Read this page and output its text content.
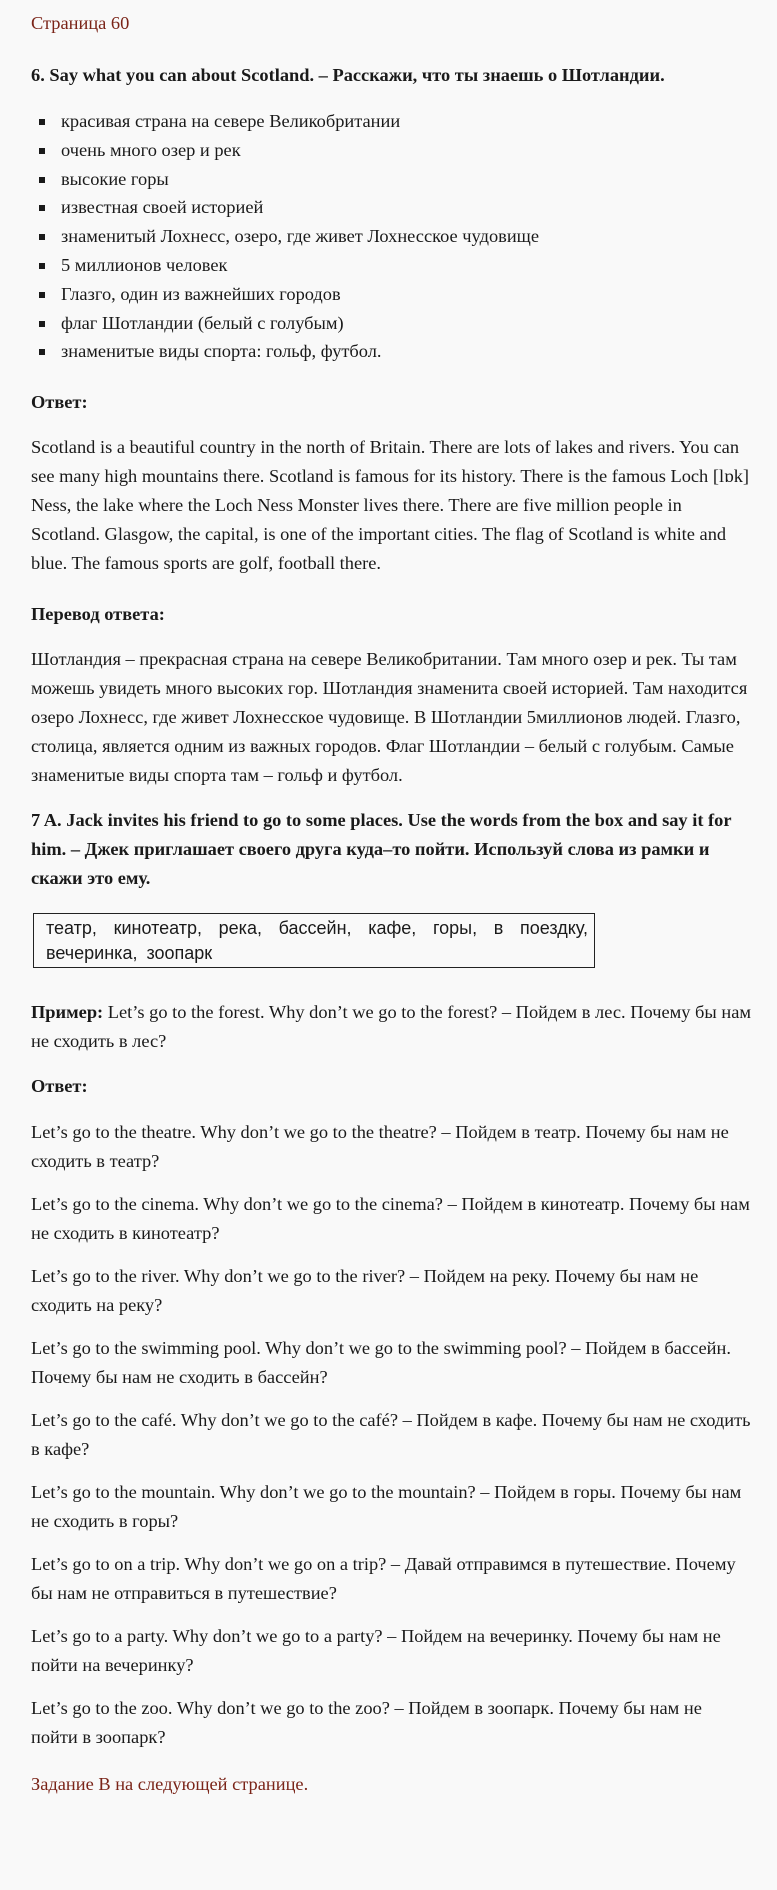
Страница 60
6. Say what you can about Scotland. – Расскажи, что ты знаешь о Шотландии.
красивая страна на севере Великобритании
очень много озер и рек
высокие горы
известная своей историей
знаменитый Лохнесс, озеро, где живет Лохнесское чудовище
5 миллионов человек
Глазго, один из важнейших городов
флаг Шотландии (белый с голубым)
знаменитые виды спорта: гольф, футбол.
Ответ:
Scotland is a beautiful country in the north of Britain. There are lots of lakes and rivers. You can see many high mountains there. Scotland is famous for its history. There is the famous Loch [lɒk] Ness, the lake where the Loch Ness Monster lives there. There are five million people in Scotland. Glasgow, the capital, is one of the important cities. The flag of Scotland is white and blue. The famous sports are golf, football there.
Перевод ответа:
Шотландия – прекрасная страна на севере Великобритании. Там много озер и рек. Ты там можешь увидеть много высоких гор. Шотландия знаменита своей историей. Там находится озеро Лохнесс, где живет Лохнесское чудовище. В Шотландии 5миллионов людей. Глазго, столица, является одним из важных городов. Флаг Шотландии – белый с голубым. Самые знаменитые виды спорта там – гольф и футбол.
7 A. Jack invites his friend to go to some places. Use the words from the box and say it for him. – Джек приглашает своего друга куда–то пойти. Используй слова из рамки и скажи это ему.
театр, кинотеатр, река, бассейн, кафе, горы, в поездку, вечеринка, зоопарк
Пример: Let’s go to the forest. Why don’t we go to the forest? – Пойдем в лес. Почему бы нам не сходить в лес?
Ответ:
Let’s go to the theatre. Why don’t we go to the theatre? – Пойдем в театр. Почему бы нам не сходить в театр?
Let’s go to the cinema. Why don’t we go to the cinema? – Пойдем в кинотеатр. Почему бы нам не сходить в кинотеатр?
Let’s go to the river. Why don’t we go to the river? – Пойдем на реку. Почему бы нам не сходить на реку?
Let’s go to the swimming pool. Why don’t we go to the swimming pool? – Пойдем в бассейн. Почему бы нам не сходить в бассейн?
Let’s go to the café. Why don’t we go to the café? – Пойдем в кафе. Почему бы нам не сходить в кафе?
Let’s go to the mountain. Why don’t we go to the mountain? – Пойдем в горы. Почему бы нам не сходить в горы?
Let’s go to on a trip. Why don’t we go on a trip? – Давай отправимся в путешествие. Почему бы нам не отправиться в путешествие?
Let’s go to a party. Why don’t we go to a party? – Пойдем на вечеринку. Почему бы нам не пойти на вечеринку?
Let’s go to the zoo. Why don’t we go to the zoo? – Пойдем в зоопарк. Почему бы нам не пойти в зоопарк?
Задание B на следующей странице.
